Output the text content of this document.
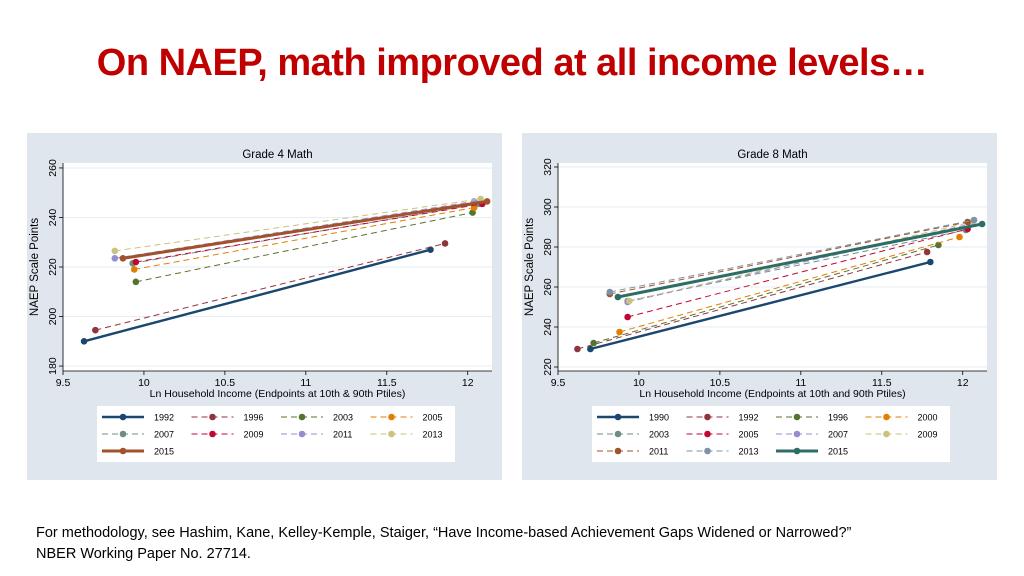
On NAEP, math improved at all income levels…
Grade 4 Math
180
200
220
240
260
NAEP Scale Points
9.5	10	10.5	11	11.5	12
Ln Household Income (Endpoints at 10th & 90th Ptiles)
1992	1996	2003	2005
2007	2009	2011	2013
2015
Grade 8 Math
220
240
260
280
300
320
NAEP Scale Points
9.5	10	10.5	11	11.5	12
Ln Household Income (Endpoints at 10th and 90th Ptiles)
1990	1992	1996	2000
2003	2005	2007	2009
2011	2013	2015
For methodology, see Hashim, Kane, Kelley-Kemple, Staiger, “Have Income-based Achievement Gaps Widened or Narrowed?”
NBER Working Paper No. 27714.
